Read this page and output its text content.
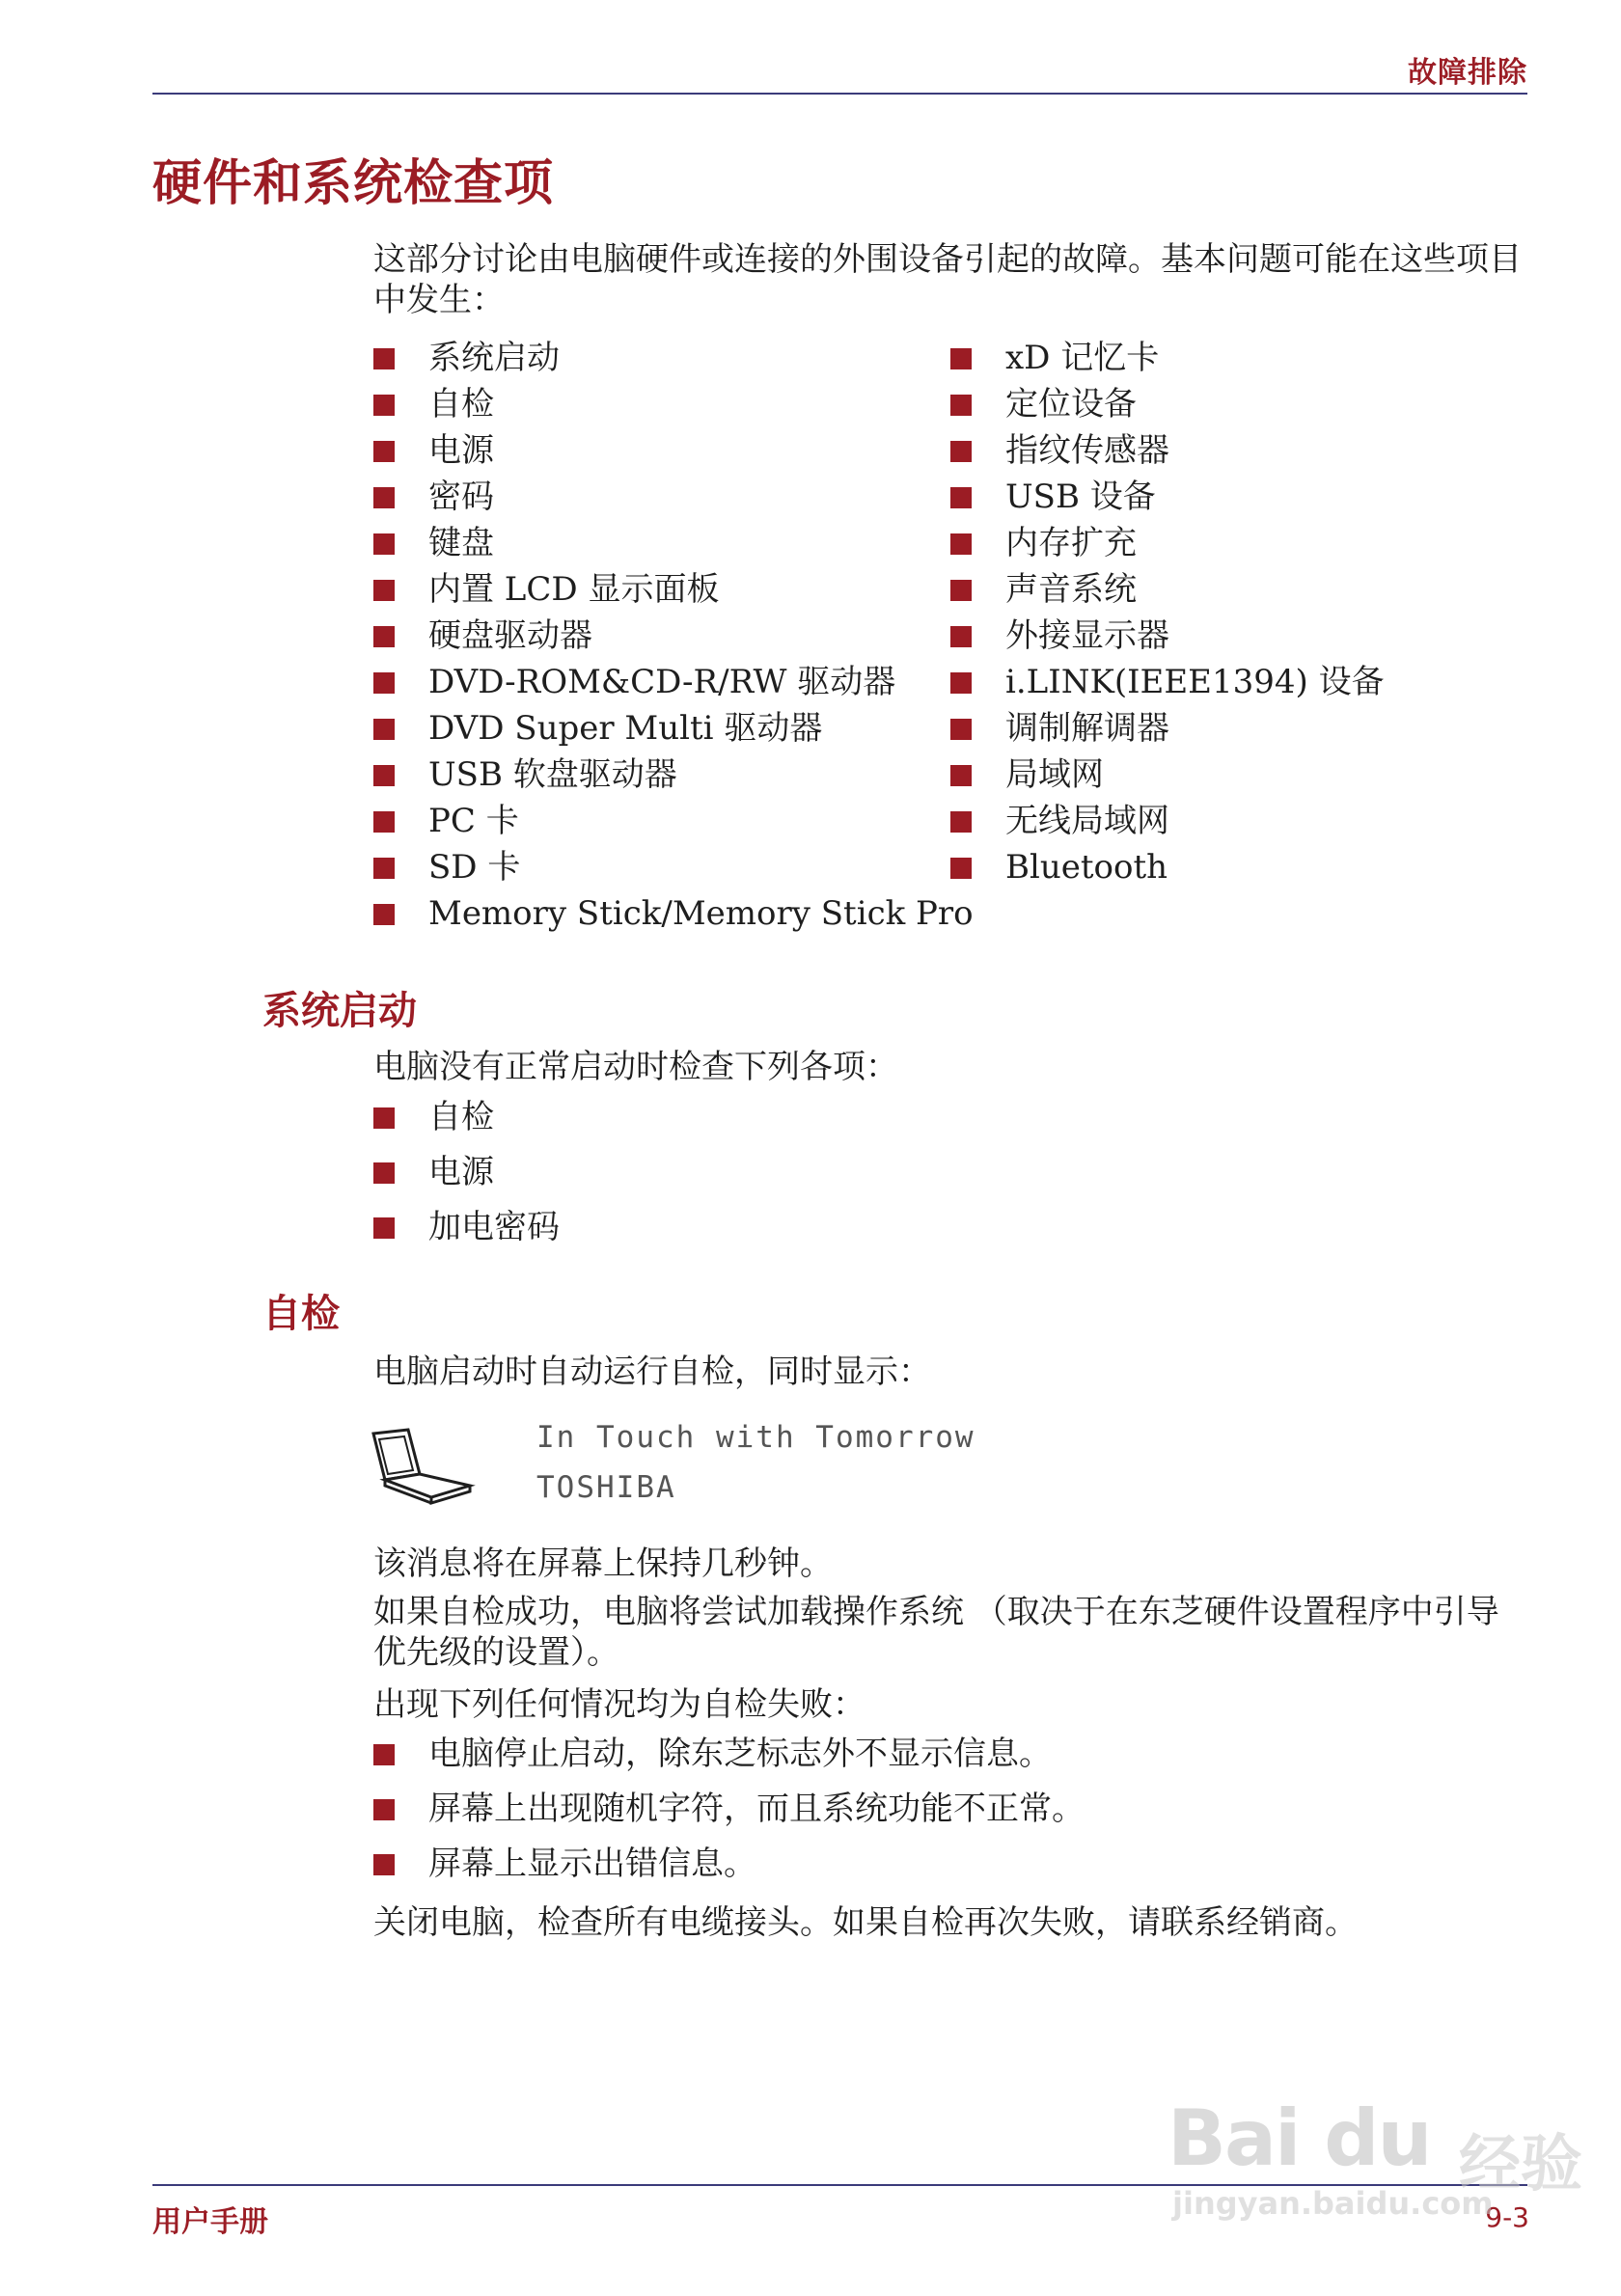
故障排除
硬件和系统检查项
这部分讨论由电脑硬件或连接的外围设备引起的故障。基本问题可能在这些项目中发生：
系统启动
自检
电源
密码
键盘
内置 LCD 显示面板
硬盘驱动器
DVD-ROM&CD-R/RW 驱动器
DVD Super Multi 驱动器
USB 软盘驱动器
PC 卡
SD 卡
Memory Stick/Memory Stick Pro
xD 记忆卡
定位设备
指纹传感器
USB 设备
内存扩充
声音系统
外接显示器
i.LINK(IEEE1394) 设备
调制解调器
局域网
无线局域网
Bluetooth
系统启动
电脑没有正常启动时检查下列各项：
自检
电源
加电密码
自检
电脑启动时自动运行自检，同时显示：
In Touch with Tomorrow
TOSHIBA
该消息将在屏幕上保持几秒钟。
如果自检成功，电脑将尝试加载操作系统 （取决于在东芝硬件设置程序中引导优先级的设置）。
出现下列任何情况均为自检失败：
电脑停止启动，除东芝标志外不显示信息。
屏幕上出现随机字符，而且系统功能不正常。
屏幕上显示出错信息。
关闭电脑，检查所有电缆接头。如果自检再次失败，请联系经销商。
用户手册	9-3
Bai du 经验
jingyan.baidu.com
